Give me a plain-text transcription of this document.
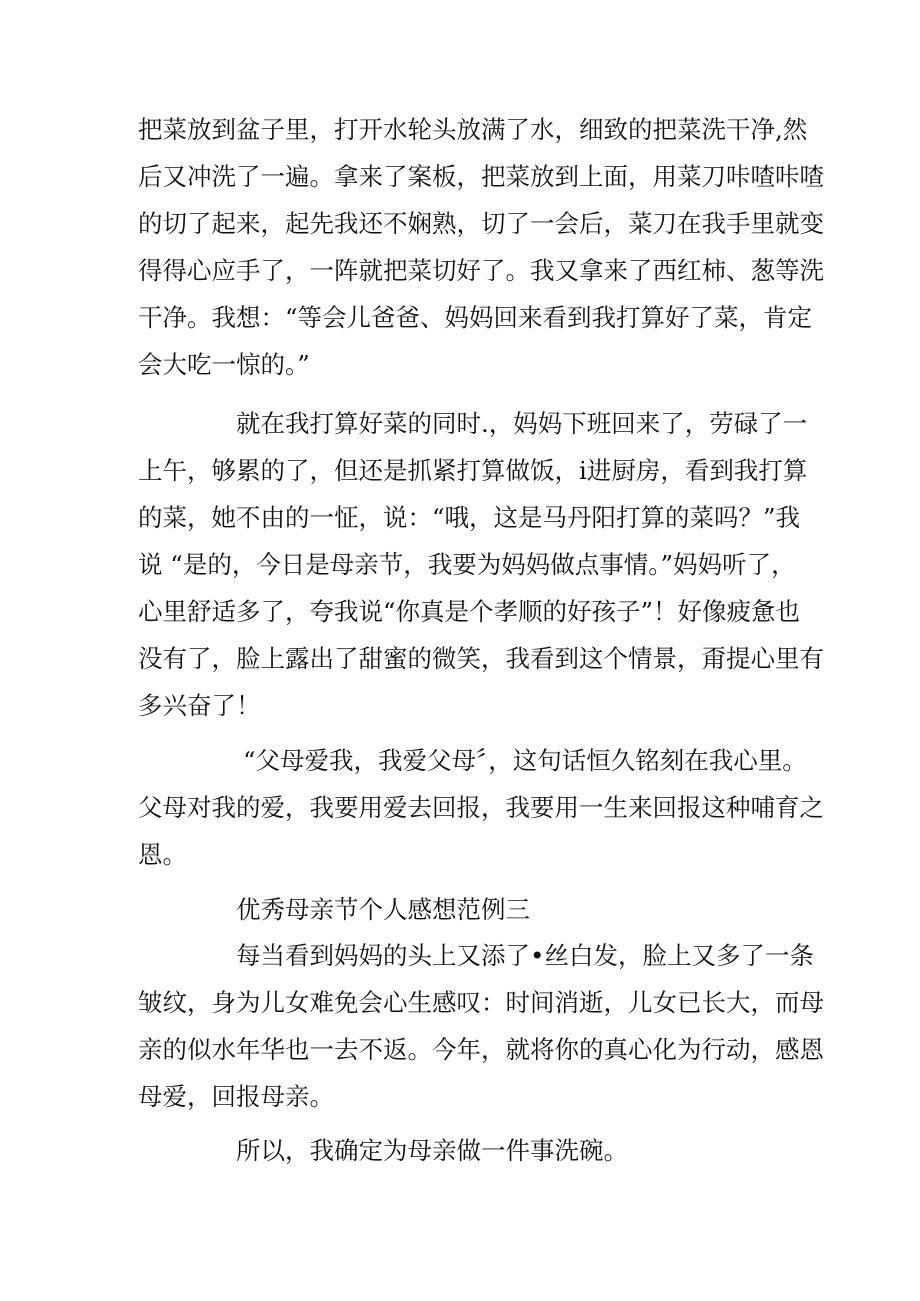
把菜放到盆子里，打开水轮头放满了水，细致的把菜洗干净,然
后又冲洗了一遍。拿来了案板，把菜放到上面，用菜刀咔喳咔喳
的切了起来，起先我还不娴熟，切了一会后，菜刀在我手里就变
得得心应手了，一阵就把菜切好了。我又拿来了西红柿、葱等洗
干净。我想：“等会儿爸爸、妈妈回来看到我打算好了菜，肯定
会大吃一惊的。”
就在我打算好菜的同时.，妈妈下班回来了，劳碌了一
上午，够累的了，但还是抓紧打算做饭，i进厨房，看到我打算
的菜，她不由的一怔，说：“哦，这是马丹阳打算的菜吗？”我
说 “是的，今日是母亲节，我要为妈妈做点事情。”妈妈听了，
心里舒适多了，夸我说“你真是个孝顺的好孩子”！好像疲惫也
没有了，脸上露出了甜蜜的微笑，我看到这个情景，甭提心里有
多兴奋了！
“父母爱我，我爱父母〞，这句话恒久铭刻在我心里。
父母对我的爱，我要用爱去回报，我要用一生来回报这种哺育之
恩。
优秀母亲节个人感想范例三
每当看到妈妈的头上又添了•丝白发，脸上又多了一条
皱纹，身为儿女难免会心生感叹：时间消逝，儿女已长大，而母
亲的似水年华也一去不返。今年，就将你的真心化为行动，感恩
母爱，回报母亲。
所以，我确定为母亲做一件事洗碗。
